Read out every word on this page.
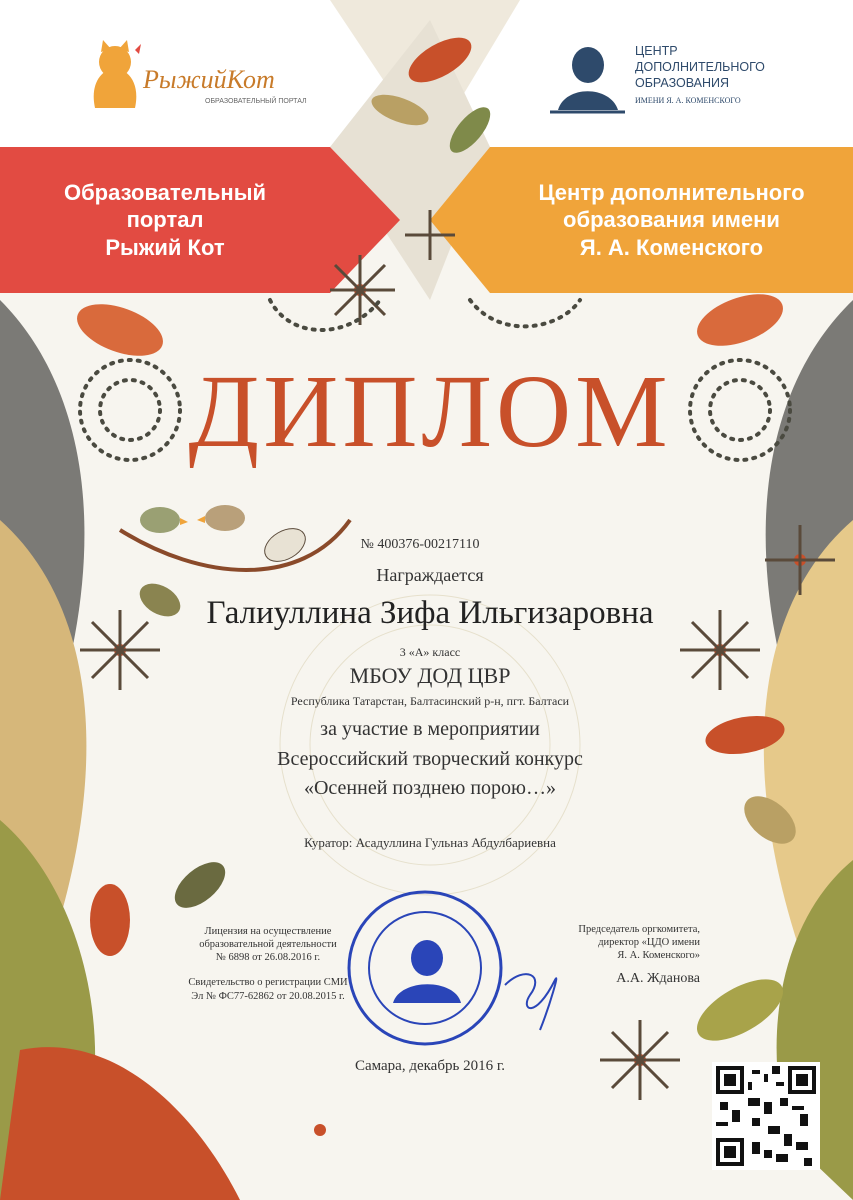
РыжийКот
ОБРАЗОВАТЕЛЬНЫЙ ПОРТАЛ
ЦЕНТР
ДОПОЛНИТЕЛЬНОГО
ОБРАЗОВАНИЯ
ИМЕНИ Я. А. КОМЕНСКОГО
Образовательный
портал
Рыжий Кот
Центр дополнительного
образования имени
Я. А. Коменского
ДИПЛОМ
№ 400376-00217110
Награждается
Галиуллина Зифа Ильгизаровна
3 «А» класс
МБОУ ДОД ЦВР
Республика Татарстан, Балтасинский р-н, пгт. Балтаси
за участие в мероприятии
Всероссийский творческий конкурс
«Осенней позднею порою…»
Куратор: Асадуллина Гульназ Абдулбариевна
Лицензия на осуществление
образовательной деятельности
№ 6898 от 26.08.2016 г.
Свидетельство о регистрации СМИ
Эл № ФС77-62862 от 20.08.2015 г.
Председатель оргкомитета,
директор «ЦДО имени
Я. А. Коменского»
А.А. Жданова
Самара, декабрь 2016 г.
